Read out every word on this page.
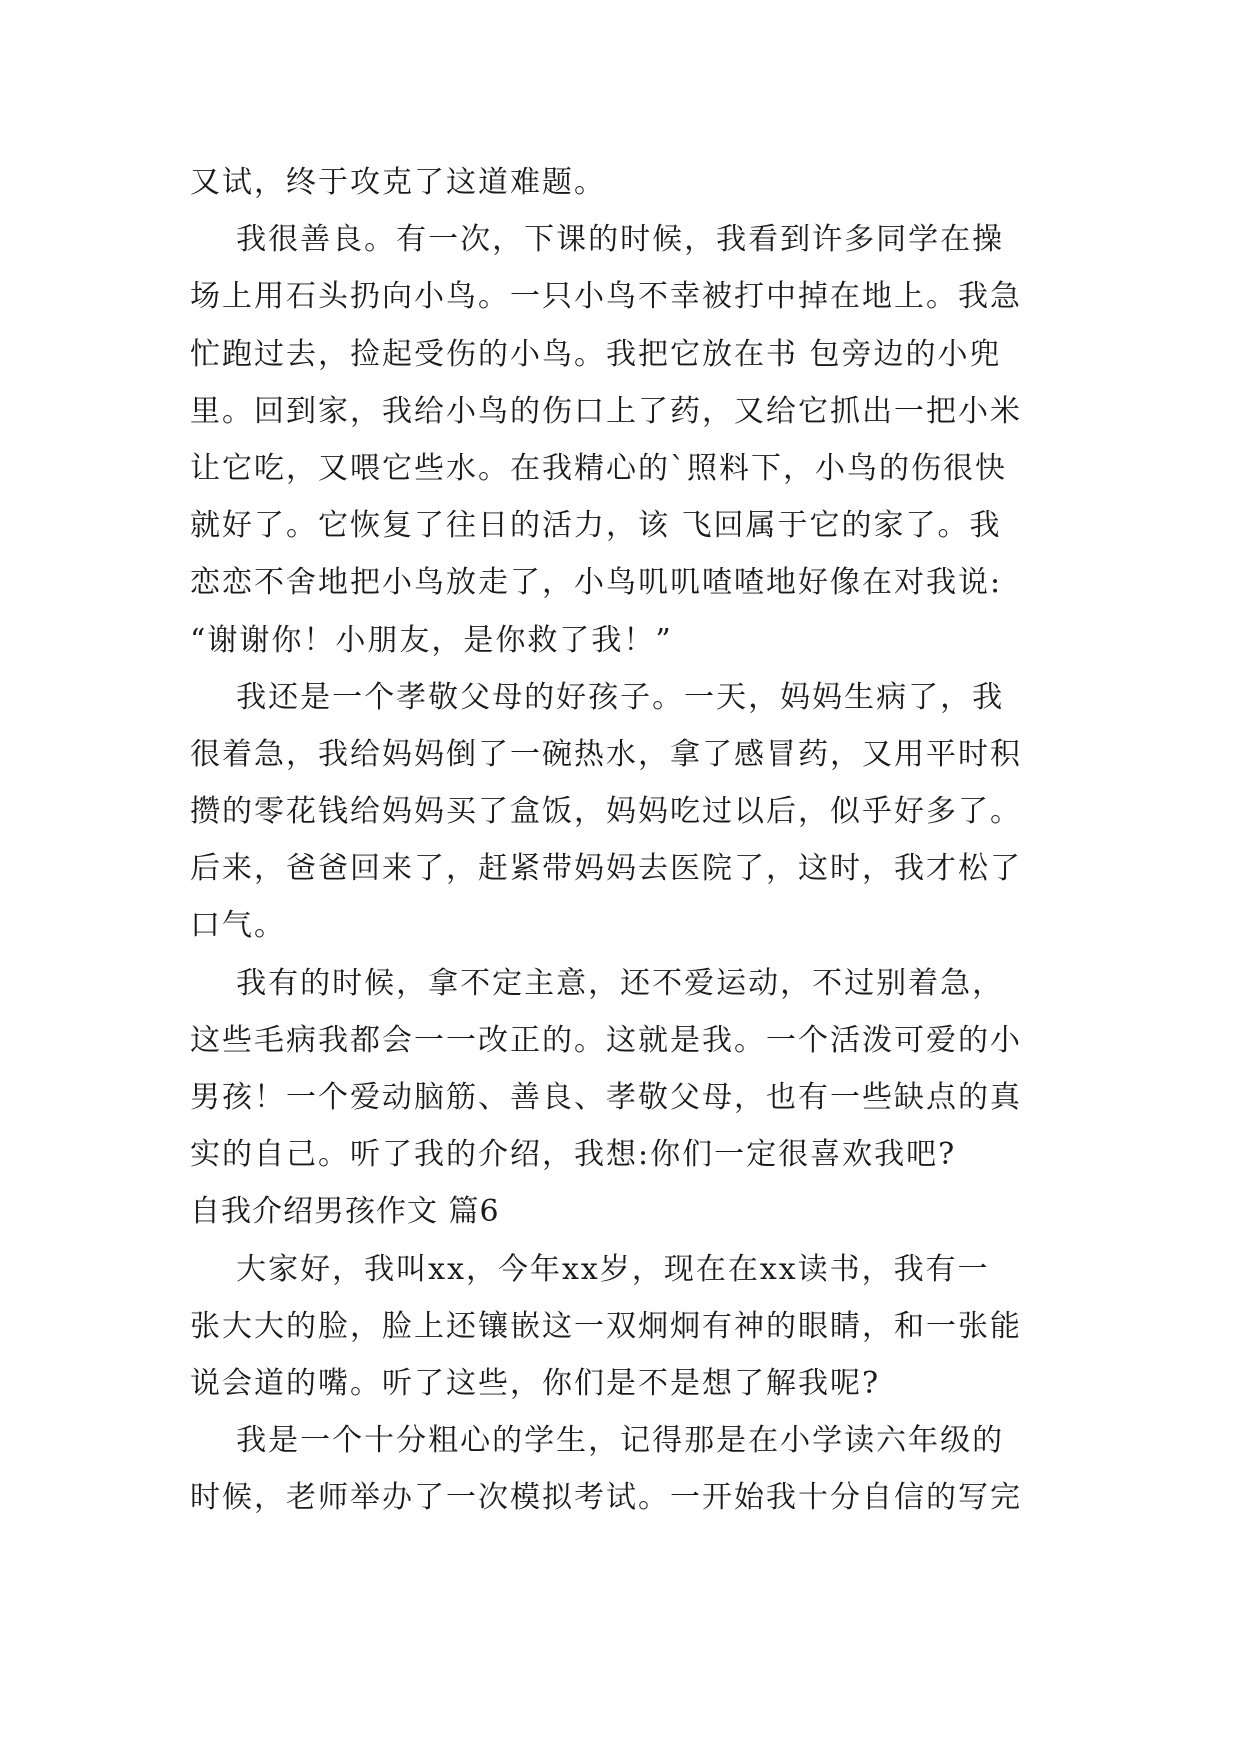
又试，终于攻克了这道难题。
我很善良。有一次，下课的时候，我看到许多同学在操
场上用石头扔向小鸟。一只小鸟不幸被打中掉在地上。我急
忙跑过去，捡起受伤的小鸟。我把它放在书 包旁边的小兜
里。回到家，我给小鸟的伤口上了药，又给它抓出一把小米
让它吃，又喂它些水。在我精心的`照料下，小鸟的伤很快
就好了。它恢复了往日的活力，该 飞回属于它的家了。我
恋恋不舍地把小鸟放走了，小鸟叽叽喳喳地好像在对我说:
“谢谢你！小朋友，是你救了我！”
我还是一个孝敬父母的好孩子。一天，妈妈生病了，我
很着急，我给妈妈倒了一碗热水，拿了感冒药，又用平时积
攒的零花钱给妈妈买了盒饭，妈妈吃过以后，似乎好多了。
后来，爸爸回来了，赶紧带妈妈去医院了，这时，我才松了
口气。
我有的时候，拿不定主意，还不爱运动，不过别着急，
这些毛病我都会一一改正的。这就是我。一个活泼可爱的小
男孩！一个爱动脑筋、善良、孝敬父母，也有一些缺点的真
实的自己。听了我的介绍，我想:你们一定很喜欢我吧?
自我介绍男孩作文 篇6
大家好，我叫xx，今年xx岁，现在在xx读书，我有一
张大大的脸，脸上还镶嵌这一双炯炯有神的眼睛，和一张能
说会道的嘴。听了这些，你们是不是想了解我呢?
我是一个十分粗心的学生，记得那是在小学读六年级的
时候，老师举办了一次模拟考试。一开始我十分自信的写完
